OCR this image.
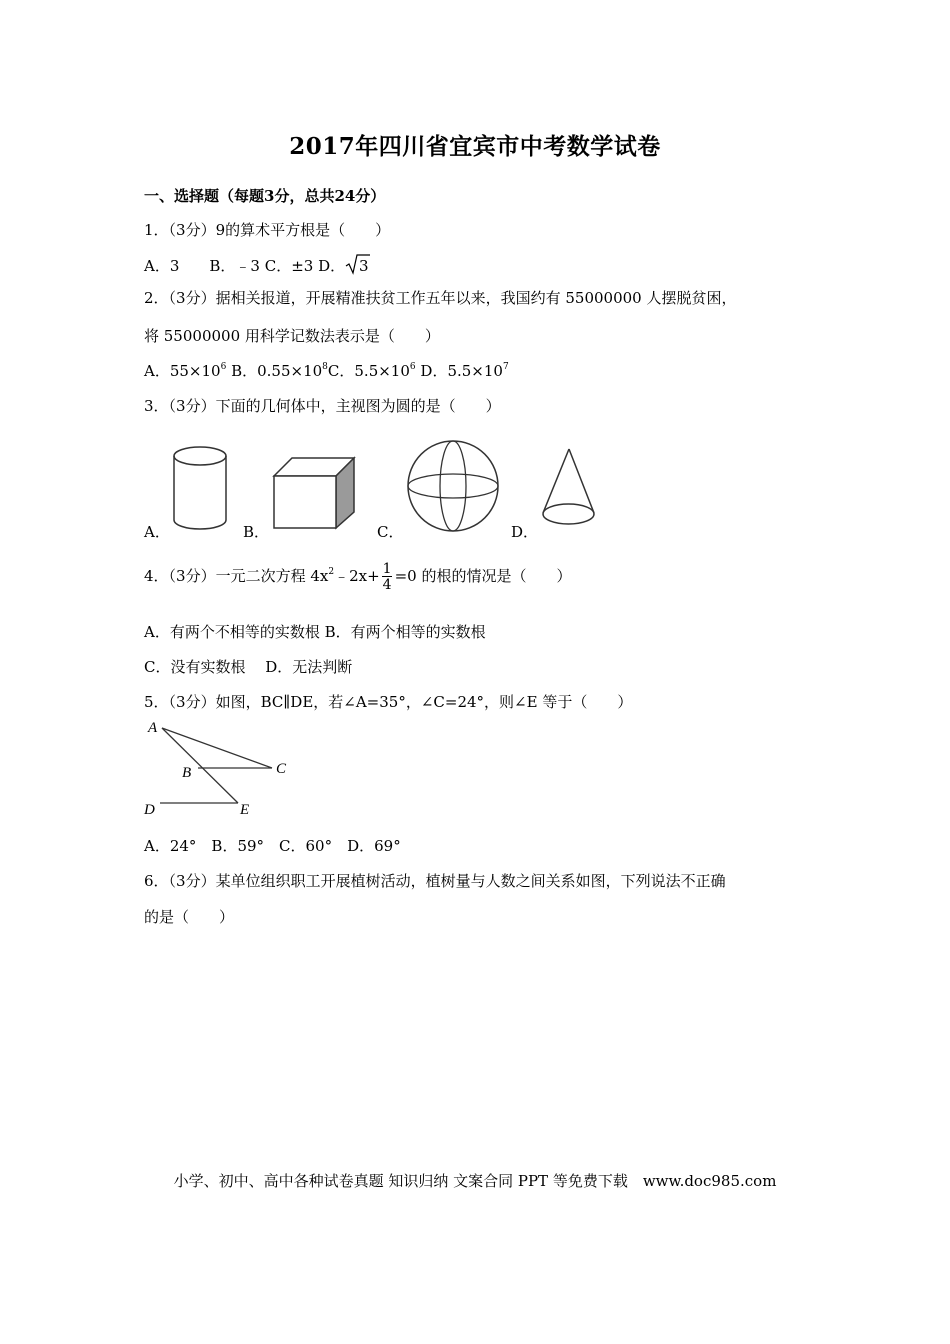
2017年四川省宜宾市中考数学试卷
一、选择题（每题3分，总共24分）
1．（3分）9的算术平方根是（　　）
A．3　　B．﹣3 C．±3 D． 3
2．（3分）据相关报道，开展精准扶贫工作五年以来，我国约有 55000000 人摆脱贫困，
将 55000000 用科学记数法表示是（　　）
A．$55\times 10^6$ B．$0.55\times 10^8C$．$5.5\times 10^6$ D．$5.5\times 10^7$
3．（3分）下面的几何体中，主视图为圆的是（　　）
A．	B．	C．	D．
4．（3分）一元二次方程 $4x^2﹣2x+ \frac{1}{4} =0$ 的根的情况是（　　）
A．有两个不相等的实数根 B．有两个相等的实数根
C．没有实数根　 D．无法判断
5．（3分）如图，BC∥DE，若∠A=35°，∠C=24°，则∠E 等于（　　）
A
B	C
D	E
A．24°　B．59°　C．60°　D．69°
6．（3分）某单位组织职工开展植树活动，植树量与人数之间关系如图，下列说法不正确
的是（　　）
小学、初中、高中各种试卷真题 知识归纳 文案合同 PPT 等免费下载　www.doc985.com
